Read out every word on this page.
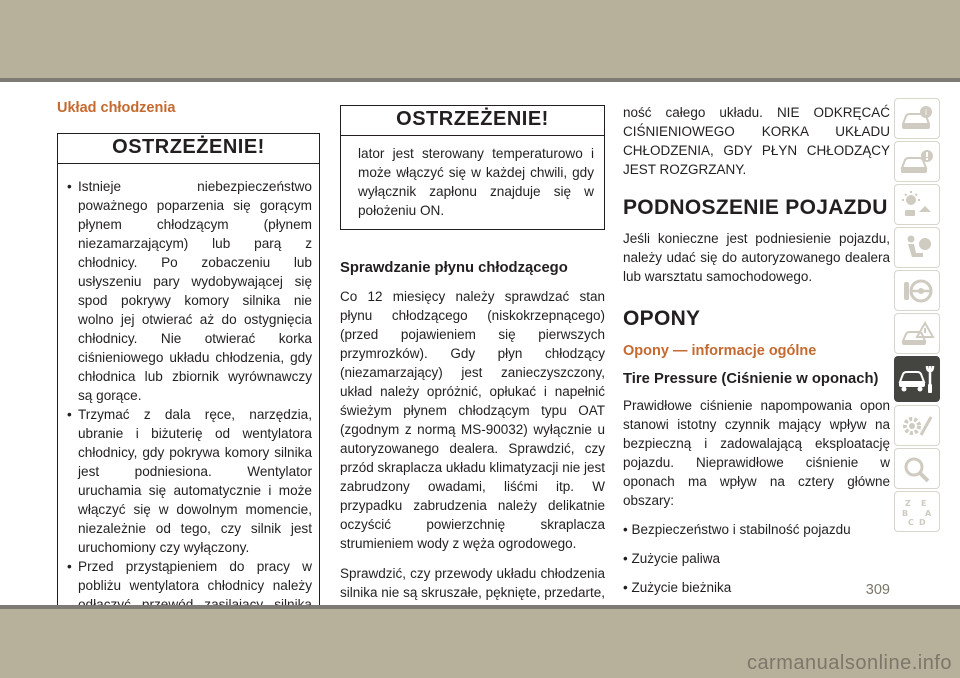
Układ chłodzenia
OSTRZEŻENIE!
• Istnieje niebezpieczeństwo poważnego poparzenia się gorącym płynem chłodzącym (płynem niezamarzającym) lub parą z chłodnicy. Po zobaczeniu lub usłyszeniu pary wydobywającej się spod pokrywy komory silnika nie wolno jej otwierać aż do ostygnięcia chłodnicy. Nie otwierać korka ciśnieniowego układu chłodzenia, gdy chłodnica lub zbiornik wyrównawczy są gorące.
• Trzymać z dala ręce, narzędzia, ubranie i biżuterię od wentylatora chłodnicy, gdy pokrywa komory silnika jest podniesiona. Wentylator uruchamia się automatycznie i może włączyć się w dowolnym momencie, niezależnie od tego, czy silnik jest uruchomiony czy wyłączony.
• Przed przystąpieniem do pracy w pobliżu wentylatora chłodnicy należy
OSTRZEŻENIE!
lator jest sterowany temperaturowo i może włączyć się w każdej chwili, gdy wyłącznik zapłonu znajduje się w położeniu ON.
Sprawdzanie płynu chłodzącego

Co 12 miesięcy należy sprawdzać stan płynu chłodzącego (niskokrzepnącego) (przed pojawieniem się pierwszych przymrozków). Gdy płyn chłodzący (niezamarzający) jest zanieczyszczony, układ należy opróżnić, opłukać i napełnić świeżym płynem chłodzącym typu OAT (zgodnym z normą MS-90032) wyłącznie u autoryzowanego dealera. Sprawdzić, czy przód skraplacza układu klimatyzacji nie jest zabrudzony owadami, liśćmi itp. W przypadku zabrudzenia należy delikatnie oczyścić powierzchnię skraplacza strumieniem wody z węża ogrodowego.

Sprawdzić, czy przewody układu chłodzenia silnika nie są skruszałe, pęknięte, przedarte,

ność całego układu. NIE ODKRĘCAĆ CIŚNIENIOWEGO KORKA UKŁADU CHŁODZENIA, GDY PŁYN CHŁODZĄCY JEST ROZGRZANY.

PODNOSZENIE POJAZDU

Jeśli konieczne jest podniesienie pojazdu, należy udać się do autoryzowanego dealera lub warsztatu samochodowego.

OPONY
Opony — informacje ogólne
Tire Pressure (Ciśnienie w oponach)

Prawidłowe ciśnienie napompowania opon stanowi istotny czynnik mający wpływ na bezpieczną i zadowalającą eksploatację pojazdu. Nieprawidłowe ciśnienie w oponach ma wpływ na cztery główne obszary:

• Bezpieczeństwo i stabilność pojazdu
• Zużycie paliwa
• Zużycie bieżnika
i
Z E
B A
C D
309
carmanualsonline.info
